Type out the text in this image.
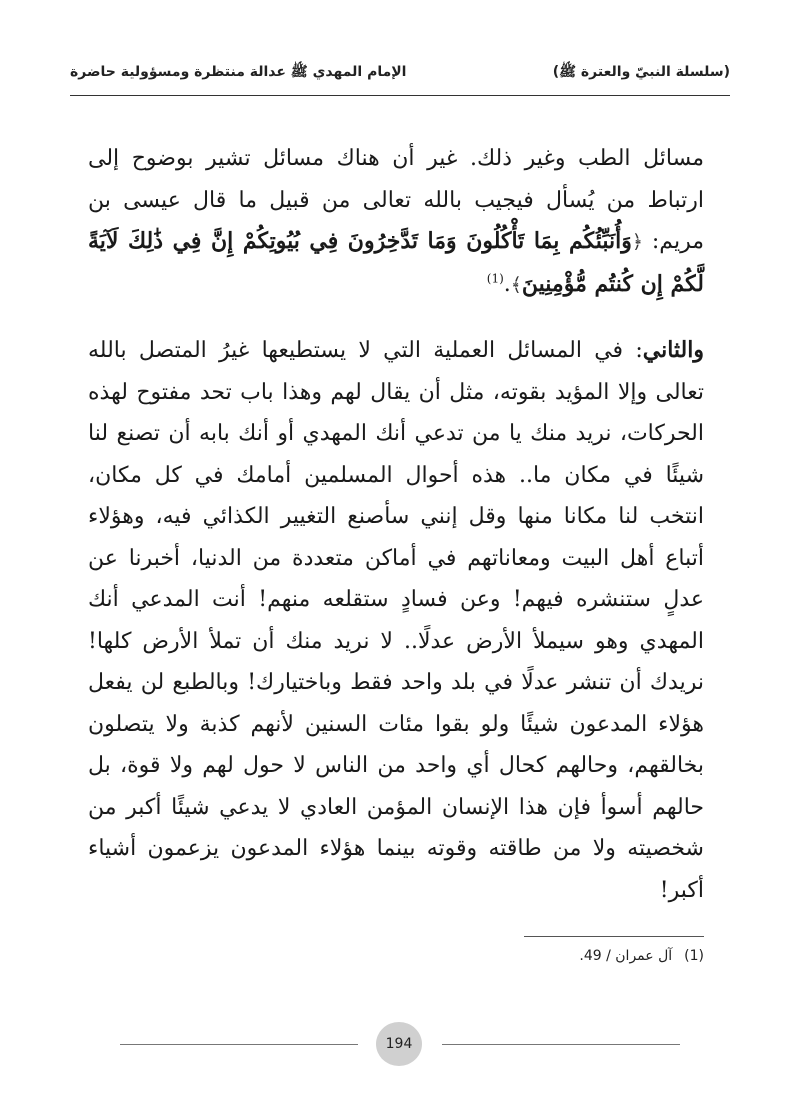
(سلسلة النبيّ والعترة ﷺ)
الإمام المهدي ﷺ عدالة منتظرة ومسؤولية حاضرة

مسائل الطب وغير ذلك. غير أن هناك مسائل تشير بوضوح إلى ارتباط من يُسأل فيجيب بالله تعالى من قبيل ما قال عيسى بن مريم: ﴿وَأُنَبِّئُكُم بِمَا تَأْكُلُونَ وَمَا تَدَّخِرُونَ فِي بُيُوتِكُمْ إِنَّ فِي ذَٰلِكَ لَآيَةً لَّكُمْ إِن كُنتُم مُّؤْمِنِينَ﴾.$^{(1)}$

والثاني: في المسائل العملية التي لا يستطيعها غيرُ المتصل بالله تعالى وإلا المؤيد بقوته، مثل أن يقال لهم وهذا باب تحد مفتوح لهذه الحركات، نريد منك يا من تدعي أنك المهدي أو أنك بابه أن تصنع لنا شيئًا في مكان ما.. هذه أحوال المسلمين أمامك في كل مكان، انتخب لنا مكانا منها وقل إنني سأصنع التغيير الكذائي فيه، وهؤلاء أتباع أهل البيت ومعاناتهم في أماكن متعددة من الدنيا، أخبرنا عن عدلٍ ستنشره فيهم! وعن فسادٍ ستقلعه منهم! أنت المدعي أنك المهدي وهو سيملأ الأرض عدلًا.. لا نريد منك أن تملأ الأرض كلها! نريدك أن تنشر عدلًا في بلد واحد فقط وباختيارك! وبالطبع لن يفعل هؤلاء المدعون شيئًا ولو بقوا مئات السنين لأنهم كذبة ولا يتصلون بخالقهم، وحالهم كحال أي واحد من الناس لا حول لهم ولا قوة، بل حالهم أسوأ فإن هذا الإنسان المؤمن العادي لا يدعي شيئًا أكبر من شخصيته ولا من طاقته وقوته بينما هؤلاء المدعون يزعمون أشياء أكبر!

(1)آل عمران / 49.
194
